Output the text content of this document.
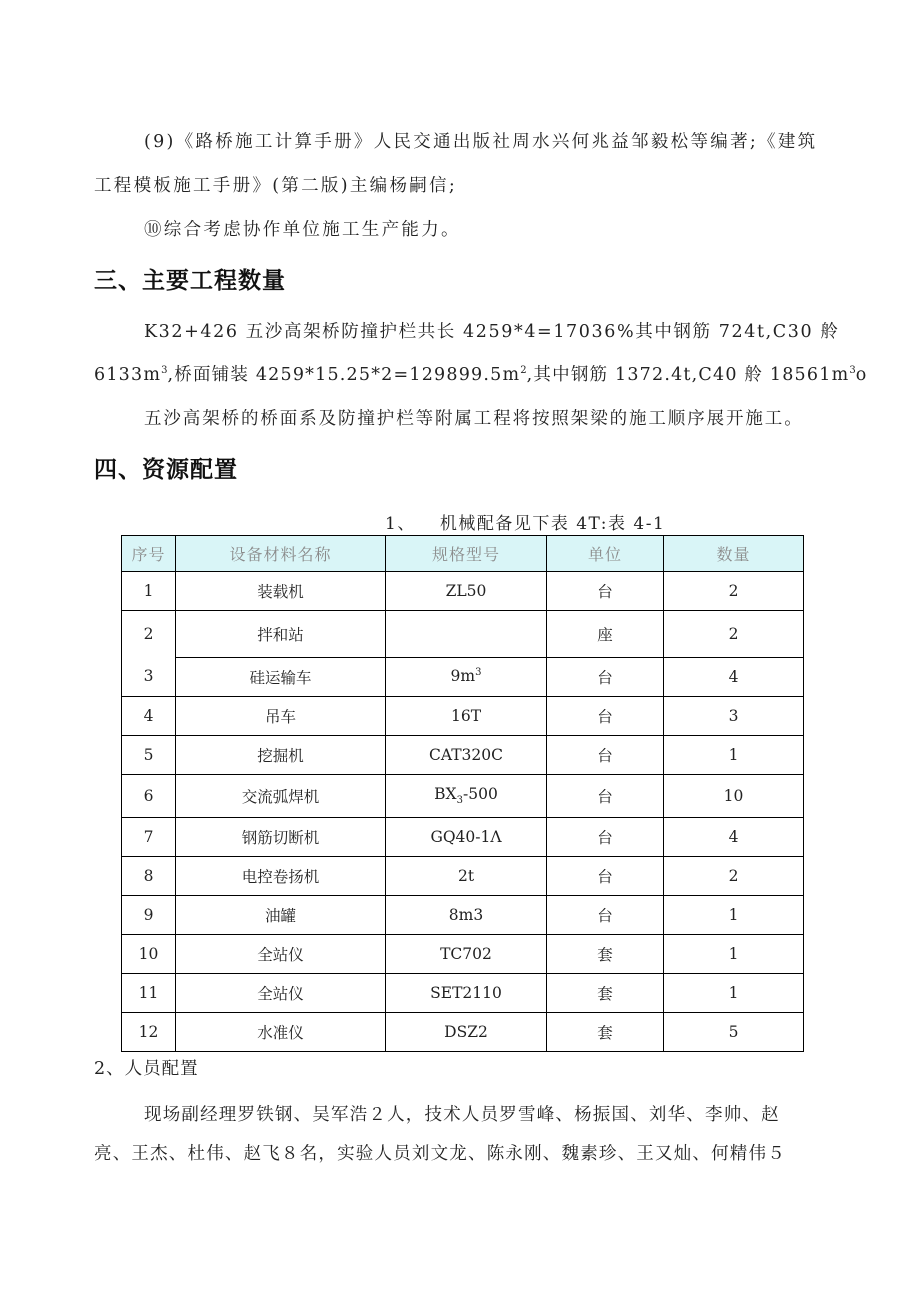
(9)《路桥施工计算手册》人民交通出版社周水兴何兆益邹毅松等编著;《建筑
工程模板施工手册》(第二版)主编杨嗣信;
⑩综合考虑协作单位施工生产能力。
三、主要工程数量
K32+426 五沙高架桥防撞护栏共长 4259*4=17036%其中钢筋 724t,C30 舲
$6133m^3$,桥面铺装 $4259*15.25*2=129899.5m^2$,其中钢筋 1372.4t,C40 舲 $18561m^3o$
五沙高架桥的桥面系及防撞护栏等附属工程将按照架梁的施工顺序展开施工。
四、资源配置
1、 机械配备见下表 4T:表 4-1
序号	设备材料名称	规格型号	单位	数量
1	装载机	ZL50	台	2
2	拌和站		座	2
3	硅运输车	$9m^3$	台	4
4	吊车	16T	台	3
5	挖掘机	CAT320C	台	1
6	交流弧焊机	$BX_3-500$	台	10
7	钢筋切断机	GQ40-1Λ	台	4
8	电控卷扬机	2t	台	2
9	油罐	8m3	台	1
10	全站仪	TC702	套	1
11	全站仪	SET2110	套	1
12	水准仪	DSZ2	套	5
2、人员配置
现场副经理罗铁钢、吴军浩２人，技术人员罗雪峰、杨振国、刘华、李帅、赵
亮、王杰、杜伟、赵飞８名，实验人员刘文龙、陈永刚、魏素珍、王又灿、何精伟５
